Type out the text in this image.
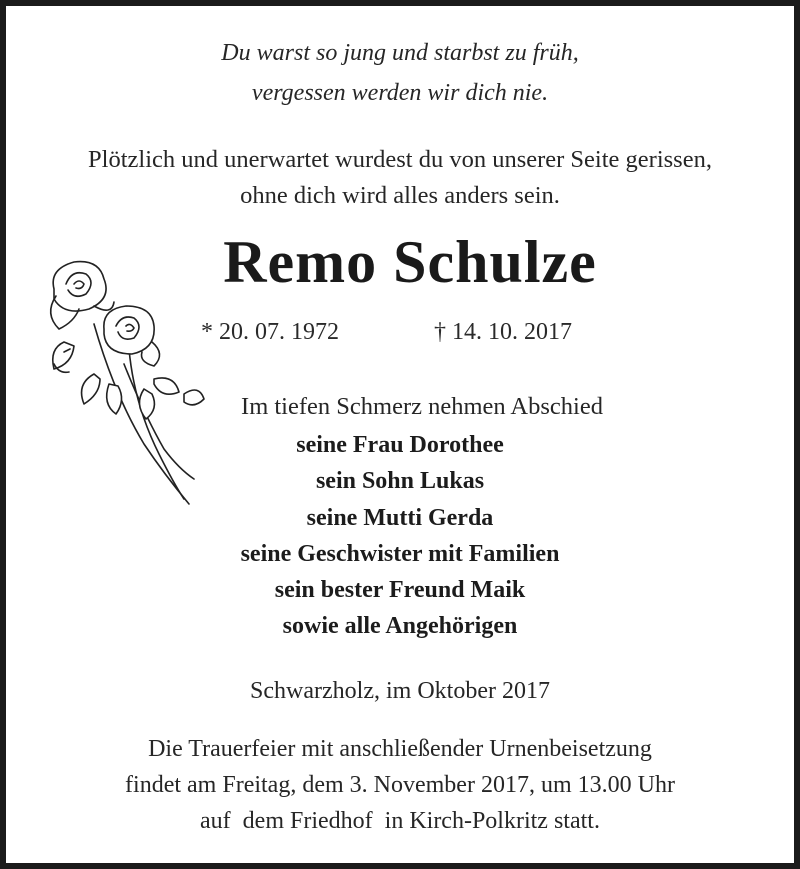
Du warst so jung und starbst zu früh,
vergessen werden wir dich nie.
Plötzlich und unerwartet wurdest du von unserer Seite gerissen,
ohne dich wird alles anders sein.
Remo Schulze
* 20. 07. 1972	† 14. 10. 2017
Im tiefen Schmerz nehmen Abschied
seine Frau Dorothee
sein Sohn Lukas
seine Mutti Gerda
seine Geschwister mit Familien
sein bester Freund Maik
sowie alle Angehörigen
Schwarzholz, im Oktober 2017
Die Trauerfeier mit anschließender Urnenbeisetzung
findet am Freitag, dem 3. November 2017, um 13.00 Uhr
auf  dem Friedhof  in Kirch-Polkritz statt.
